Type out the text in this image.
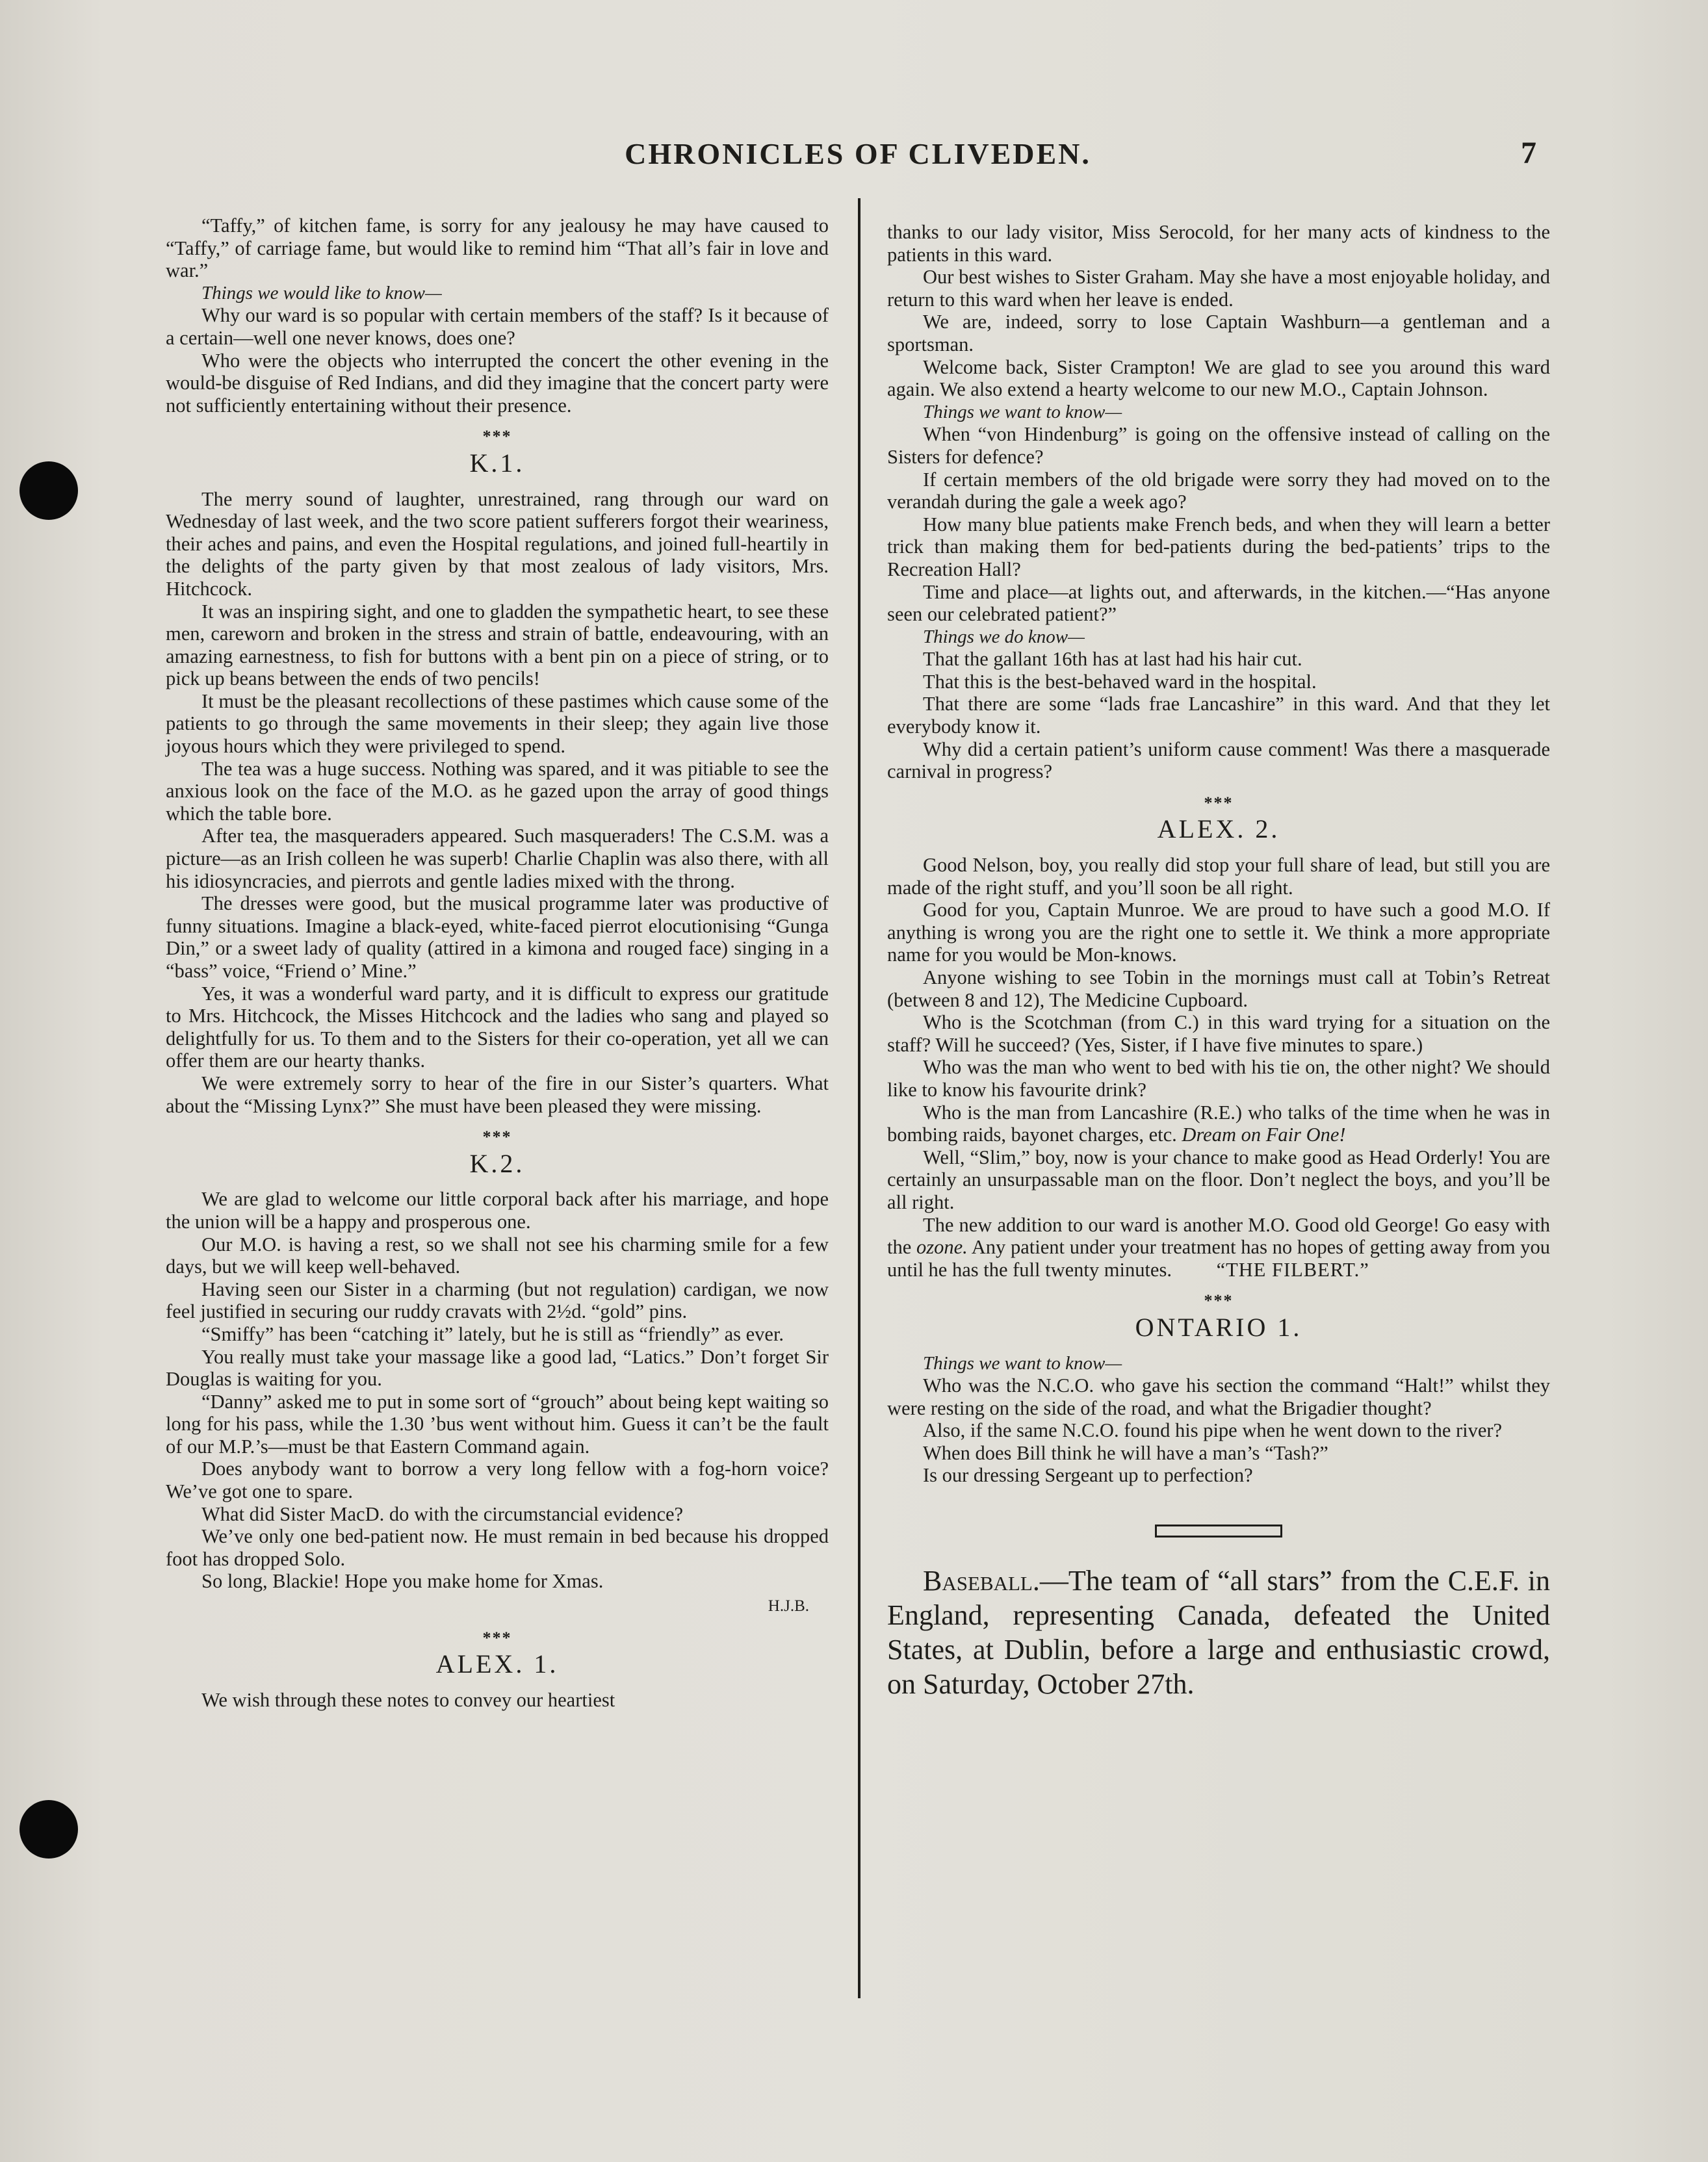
CHRONICLES OF CLIVEDEN.	7

“Taffy,” of kitchen fame, is sorry for any jealousy he may have caused to “Taffy,” of carriage fame, but would like to remind him “That all’s fair in love and war.”

Things we would like to know—

Why our ward is so popular with certain members of the staff? Is it because of a certain—well one never knows, does one?

Who were the objects who interrupted the concert the other evening in the would-be disguise of Red Indians, and did they imagine that the concert party were not sufficiently entertaining without their presence.

***
K.1.

The merry sound of laughter, unrestrained, rang through our ward on Wednesday of last week, and the two score patient sufferers forgot their weariness, their aches and pains, and even the Hospital regulations, and joined full-heartily in the delights of the party given by that most zealous of lady visitors, Mrs. Hitchcock.

It was an inspiring sight, and one to gladden the sympathetic heart, to see these men, careworn and broken in the stress and strain of battle, endeavouring, with an amazing earnestness, to fish for buttons with a bent pin on a piece of string, or to pick up beans between the ends of two pencils!

It must be the pleasant recollections of these pastimes which cause some of the patients to go through the same movements in their sleep; they again live those joyous hours which they were privileged to spend.

The tea was a huge success. Nothing was spared, and it was pitiable to see the anxious look on the face of the M.O. as he gazed upon the array of good things which the table bore.

After tea, the masqueraders appeared. Such masqueraders! The C.S.M. was a picture—as an Irish colleen he was superb! Charlie Chaplin was also there, with all his idiosyncracies, and pierrots and gentle ladies mixed with the throng.

The dresses were good, but the musical programme later was productive of funny situations. Imagine a black-eyed, white-faced pierrot elocutionising “Gunga Din,” or a sweet lady of quality (attired in a kimona and rouged face) singing in a “bass” voice, “Friend o’ Mine.”

Yes, it was a wonderful ward party, and it is difficult to express our gratitude to Mrs. Hitchcock, the Misses Hitchcock and the ladies who sang and played so delightfully for us. To them and to the Sisters for their co-operation, yet all we can offer them are our hearty thanks.

We were extremely sorry to hear of the fire in our Sister’s quarters. What about the “Missing Lynx?” She must have been pleased they were missing.

***
K.2.

We are glad to welcome our little corporal back after his marriage, and hope the union will be a happy and prosperous one.

Our M.O. is having a rest, so we shall not see his charming smile for a few days, but we will keep well-behaved.

Having seen our Sister in a charming (but not regulation) cardigan, we now feel justified in securing our ruddy cravats with 2½d. “gold” pins.

“Smiffy” has been “catching it” lately, but he is still as “friendly” as ever.

You really must take your massage like a good lad, “Latics.” Don’t forget Sir Douglas is waiting for you.

“Danny” asked me to put in some sort of “grouch” about being kept waiting so long for his pass, while the 1.30 ’bus went without him. Guess it can’t be the fault of our M.P.’s—must be that Eastern Command again.

Does anybody want to borrow a very long fellow with a fog-horn voice? We’ve got one to spare.

What did Sister MacD. do with the circumstancial evidence?

We’ve only one bed-patient now. He must remain in bed because his dropped foot has dropped Solo.

So long, Blackie! Hope you make home for Xmas.

H.J.B.
***
ALEX. 1.

We wish through these notes to convey our heartiest

thanks to our lady visitor, Miss Serocold, for her many acts of kindness to the patients in this ward.

Our best wishes to Sister Graham. May she have a most enjoyable holiday, and return to this ward when her leave is ended.

We are, indeed, sorry to lose Captain Washburn—a gentleman and a sportsman.

Welcome back, Sister Crampton! We are glad to see you around this ward again. We also extend a hearty welcome to our new M.O., Captain Johnson.

Things we want to know—

When “von Hindenburg” is going on the offensive instead of calling on the Sisters for defence?

If certain members of the old brigade were sorry they had moved on to the verandah during the gale a week ago?

How many blue patients make French beds, and when they will learn a better trick than making them for bed-patients during the bed-patients’ trips to the Recreation Hall?

Time and place—at lights out, and afterwards, in the kitchen.—“Has anyone seen our celebrated patient?”

Things we do know—

That the gallant 16th has at last had his hair cut.

That this is the best-behaved ward in the hospital.

That there are some “lads frae Lancashire” in this ward. And that they let everybody know it.

Why did a certain patient’s uniform cause comment! Was there a masquerade carnival in progress?

***
ALEX. 2.

Good Nelson, boy, you really did stop your full share of lead, but still you are made of the right stuff, and you’ll soon be all right.

Good for you, Captain Munroe. We are proud to have such a good M.O. If anything is wrong you are the right one to settle it. We think a more appropriate name for you would be Mon-knows.

Anyone wishing to see Tobin in the mornings must call at Tobin’s Retreat (between 8 and 12), The Medicine Cupboard.

Who is the Scotchman (from C.) in this ward trying for a situation on the staff? Will he succeed? (Yes, Sister, if I have five minutes to spare.)

Who was the man who went to bed with his tie on, the other night? We should like to know his favourite drink?

Who is the man from Lancashire (R.E.) who talks of the time when he was in bombing raids, bayonet charges, etc. Dream on Fair One!

Well, “Slim,” boy, now is your chance to make good as Head Orderly! You are certainly an unsurpassable man on the floor. Don’t neglect the boys, and you’ll be all right.

The new addition to our ward is another M.O. Good old George! Go easy with the ozone. Any patient under your treatment has no hopes of getting away from you until he has the full twenty minutes. “THE FILBERT.”

***
ONTARIO 1.

Things we want to know—

Who was the N.C.O. who gave his section the command “Halt!” whilst they were resting on the side of the road, and what the Brigadier thought?

Also, if the same N.C.O. found his pipe when he went down to the river?

When does Bill think he will have a man’s “Tash?”

Is our dressing Sergeant up to perfection?

Baseball.—The team of “all stars” from the C.E.F. in England, representing Canada, defeated the United States, at Dublin, before a large and enthusiastic crowd, on Saturday, October 27th.
